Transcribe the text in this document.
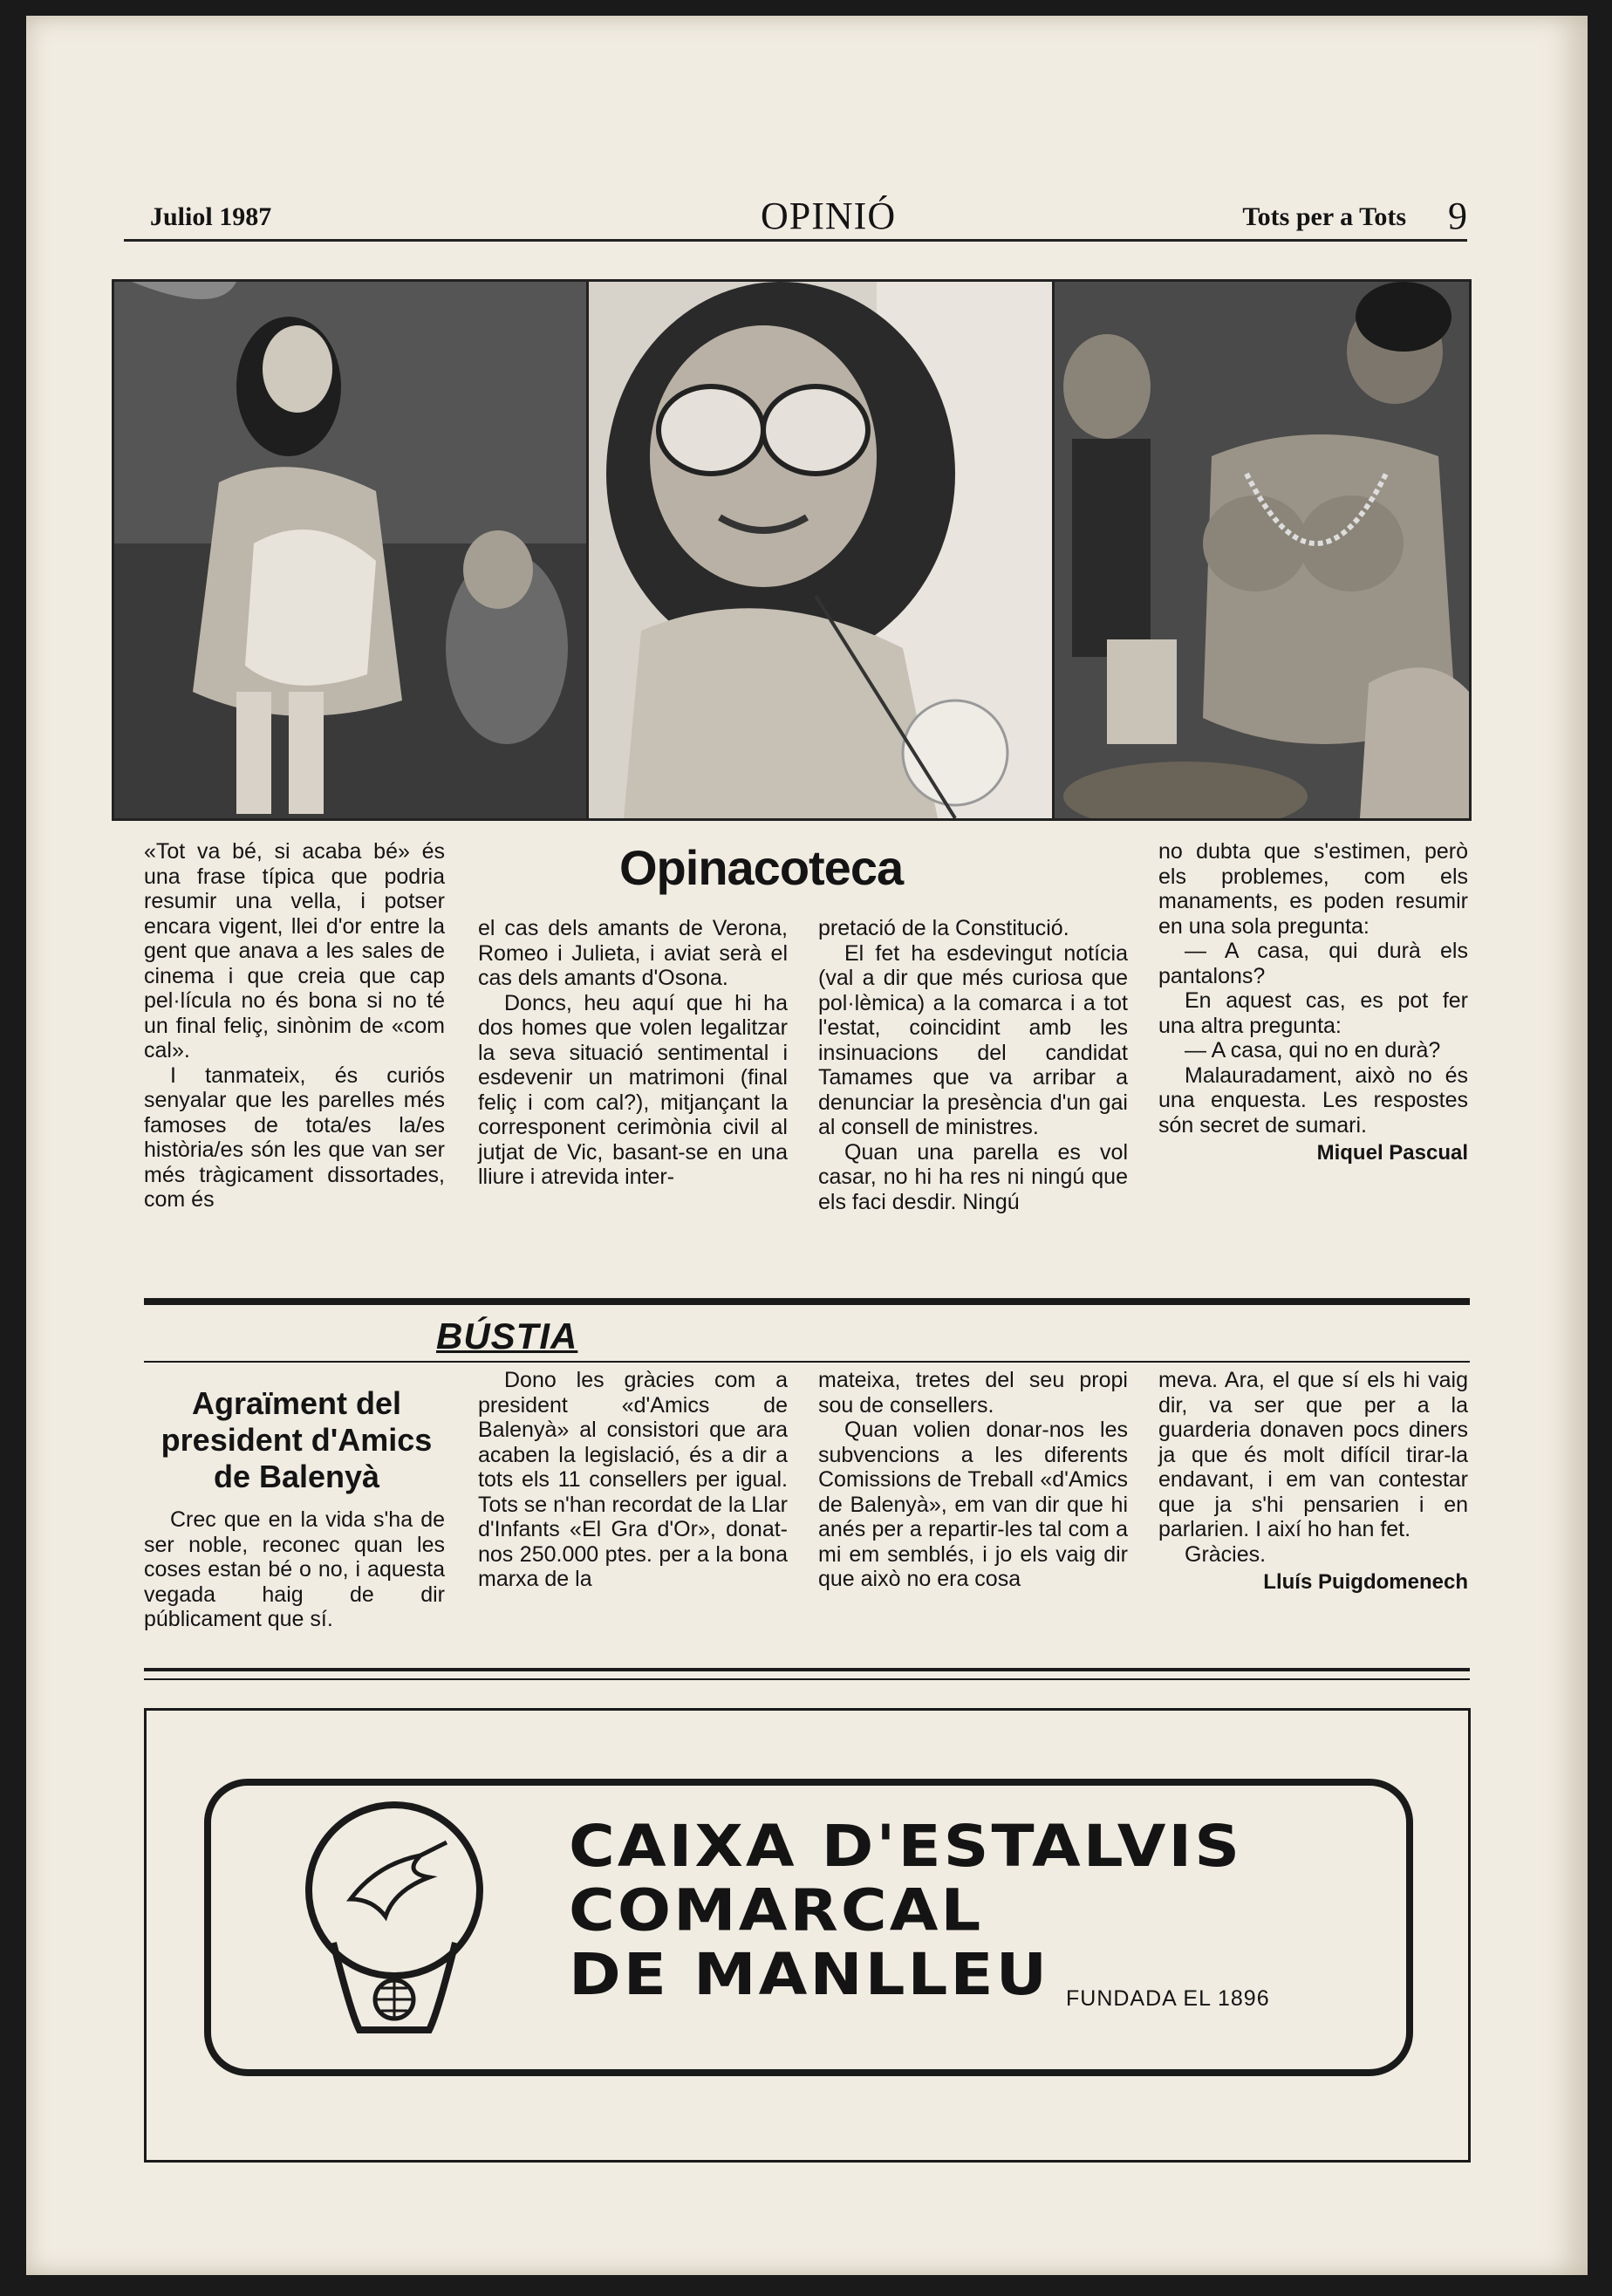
Juliol 1987	OPINIÓ	Tots per a Tots 9
Opinacoteca

«Tot va bé, si acaba bé» és una frase típica que podria resumir una vella, i potser encara vigent, llei d'or entre la gent que anava a les sales de cinema i que creia que cap pel·lícula no és bona si no té un final feliç, sinònim de «com cal».

I tanmateix, és curiós senyalar que les parelles més famoses de tota/es la/es història/es són les que van ser més tràgicament dissortades, com és

el cas dels amants de Verona, Romeo i Julieta, i aviat serà el cas dels amants d'Osona.

Doncs, heu aquí que hi ha dos homes que volen legalitzar la seva situació sentimental i esdevenir un matrimoni (final feliç i com cal?), mitjançant la corresponent cerimònia civil al jutjat de Vic, basant-se en una lliure i atrevida inter-

pretació de la Constitució.

El fet ha esdevingut notícia (val a dir que més curiosa que pol·lèmica) a la comarca i a tot l'estat, coincidint amb les insinuacions del candidat Tamames que va arribar a denunciar la presència d'un gai al consell de ministres.

Quan una parella es vol casar, no hi ha res ni ningú que els faci desdir. Ningú

no dubta que s'estimen, però els problemes, com els manaments, es poden resumir en una sola pregunta:

— A casa, qui durà els pantalons?

En aquest cas, es pot fer una altra pregunta:

— A casa, qui no en durà?

Malauradament, això no és una enquesta. Les respostes són secret de sumari.

Miquel Pascual

BÚSTIA
Agraïment del president d'Amics de Balenyà

Crec que en la vida s'ha de ser noble, reconec quan les coses estan bé o no, i aquesta vegada haig de dir públicament que sí.

Dono les gràcies com a president «d'Amics de Balenyà» al consistori que ara acaben la legislació, és a dir a tots els 11 consellers per igual. Tots se n'han recordat de la Llar d'Infants «El Gra d'Or», donat-nos 250.000 ptes. per a la bona marxa de la

mateixa, tretes del seu propi sou de consellers.

Quan volien donar-nos les subvencions a les diferents Comissions de Treball «d'Amics de Balenyà», em van dir que hi anés per a repartir-les tal com a mi em semblés, i jo els vaig dir que això no era cosa

meva. Ara, el que sí els hi vaig dir, va ser que per a la guarderia donaven pocs diners ja que és molt difícil tirar-la endavant, i em van contestar que ja s'hi pensarien i en parlarien. I així ho han fet.

Gràcies.

Lluís Puigdomenech

CAIXA D'ESTALVIS
COMARCAL
DE MANLLEU FUNDADA EL 1896
